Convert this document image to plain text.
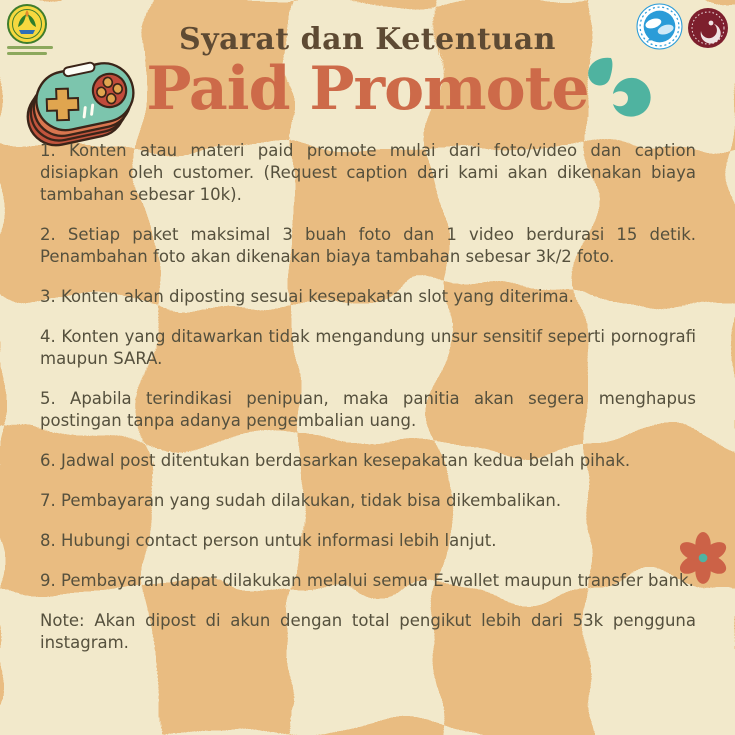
Syarat dan Ketentuan
Paid Promote

1. Konten atau materi paid promote mulai dari foto/video dan caption disiapkan oleh customer. (Request caption dari kami akan dikenakan biaya tambahan sebesar 10k).

2. Setiap paket maksimal 3 buah foto dan 1 video berdurasi 15 detik. Penambahan foto akan dikenakan biaya tambahan sebesar 3k/2 foto.

3. Konten akan diposting sesuai kesepakatan slot yang diterima.

4. Konten yang ditawarkan tidak mengandung unsur sensitif seperti pornografi maupun SARA.

5. Apabila terindikasi penipuan, maka panitia akan segera menghapus postingan tanpa adanya pengembalian uang.

6. Jadwal post ditentukan berdasarkan kesepakatan kedua belah pihak.

7. Pembayaran yang sudah dilakukan, tidak bisa dikembalikan.

8. Hubungi contact person untuk informasi lebih lanjut.

9. Pembayaran dapat dilakukan melalui semua E-wallet maupun transfer bank.

Note: Akan dipost di akun dengan total pengikut lebih dari 53k pengguna instagram.
